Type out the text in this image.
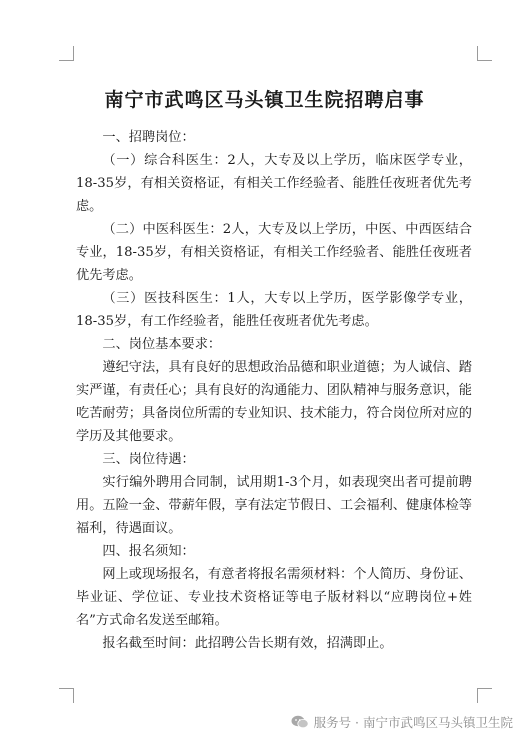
南宁市武鸣区马头镇卫生院招聘启事

一、招聘岗位：

（一）综合科医生：2人，大专及以上学历，临床医学专业，18-35岁，有相关资格证，有相关工作经验者、能胜任夜班者优先考虑。

（二）中医科医生：2人，大专及以上学历，中医、中西医结合专业，18-35岁，有相关资格证，有相关工作经验者、能胜任夜班者优先考虑。

（三）医技科医生：1人，大专以上学历，医学影像学专业，18-35岁，有工作经验者，能胜任夜班者优先考虑。

二、岗位基本要求：

遵纪守法，具有良好的思想政治品德和职业道德；为人诚信、踏实严谨，有责任心；具有良好的沟通能力、团队精神与服务意识，能吃苦耐劳；具备岗位所需的专业知识、技术能力，符合岗位所对应的学历及其他要求。

三、岗位待遇：

实行编外聘用合同制，试用期1-3个月，如表现突出者可提前聘用。五险一金、带薪年假，享有法定节假日、工会福利、健康体检等福利，待遇面议。

四、报名须知：

网上或现场报名，有意者将报名需须材料：个人简历、身份证、毕业证、学位证、专业技术资格证等电子版材料以“应聘岗位+姓名”方式命名发送至邮箱。

报名截至时间：此招聘公告长期有效，招满即止。

服务号 · 南宁市武鸣区马头镇卫生院
